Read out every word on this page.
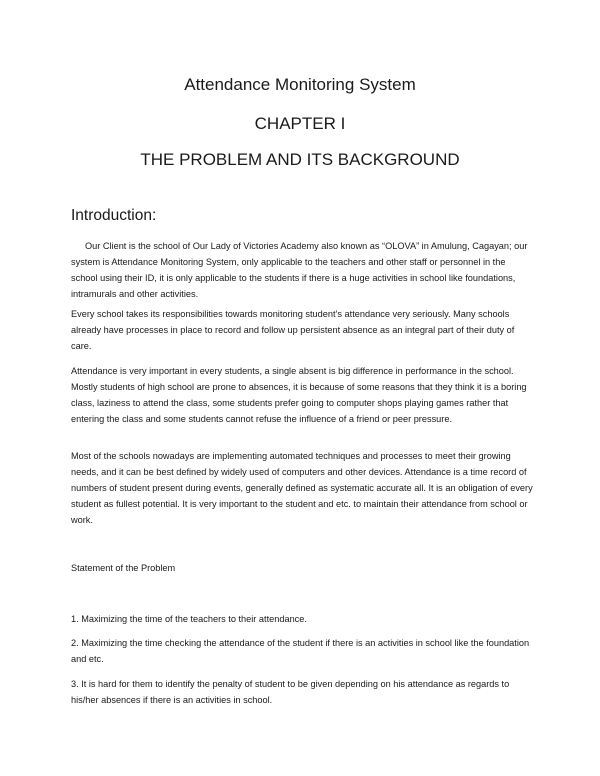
Attendance Monitoring System
CHAPTER I
THE PROBLEM AND ITS BACKGROUND
Introduction:

Our Client is the school of Our Lady of Victories Academy also known as “OLOVA” in Amulung, Cagayan; our system is Attendance Monitoring System, only applicable to the teachers and other staff or personnel in the school using their ID, it is only applicable to the students if there is a huge activities in school like foundations, intramurals and other activities.

Every school takes its responsibilities towards monitoring student’s attendance very seriously. Many schools already have processes in place to record and follow up persistent absence as an integral part of their duty of care.

Attendance is very important in every students, a single absent is big difference in performance in the school. Mostly students of high school are prone to absences, it is because of some reasons that they think it is a boring class, laziness to attend the class, some students prefer going to computer shops playing games rather that entering the class and some students cannot refuse the influence of a friend or peer pressure.

Most of the schools nowadays are implementing automated techniques and processes to meet their growing needs, and it can be best defined by widely used of computers and other devices. Attendance is a time record of numbers of student present during events, generally defined as systematic accurate all. It is an obligation of every student as fullest potential. It is very important to the student and etc. to maintain their attendance from school or work.

Statement of the Problem

1. Maximizing the time of the teachers to their attendance.

2. Maximizing the time checking the attendance of the student if there is an activities in school like the foundation and etc.

3. It is hard for them to identify the penalty of student to be given depending on his attendance as regards to his/her absences if there is an activities in school.
